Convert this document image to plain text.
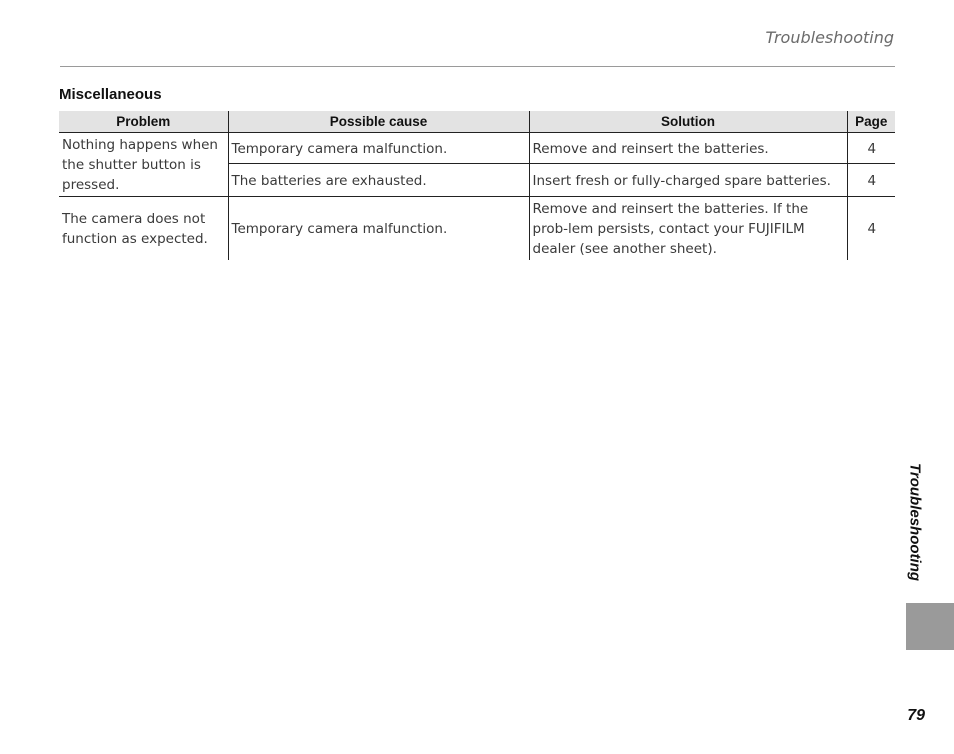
Troubleshooting
Miscellaneous
Problem	Possible cause	Solution	Page
Nothing happens when the shutter button is pressed.	Temporary camera malfunction.	Remove and reinsert the batteries.	4
	The batteries are exhausted.	Insert fresh or fully-charged spare batteries.	4
The camera does not function as expected.	Temporary camera malfunction.	Remove and reinsert the batteries. If the prob-lem persists, contact your FUJIFILM dealer (see another sheet).	4
Troubleshooting
79
